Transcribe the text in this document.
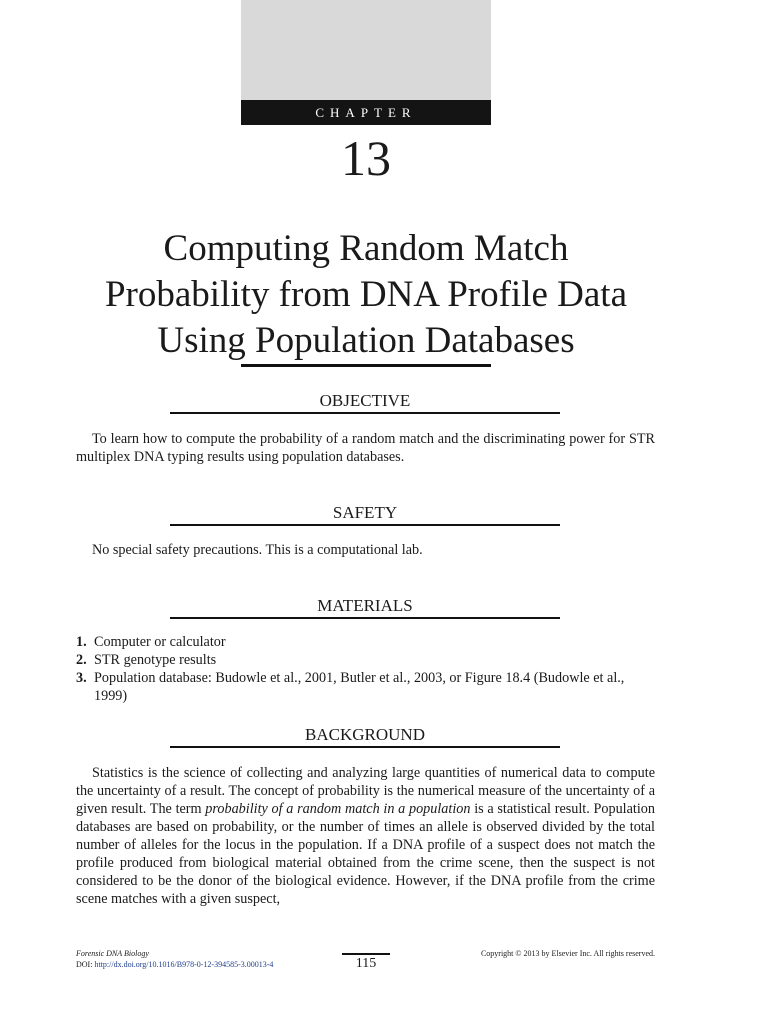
CHAPTER
13
Computing Random Match
Probability from DNA Profile Data
Using Population Databases
OBJECTIVE

To learn how to compute the probability of a random match and the discriminating power for STR multiplex DNA typing results using population databases.

SAFETY

No special safety precautions. This is a computational lab.

MATERIALS
1. Computer or calculator
2. STR genotype results
3. Population database: Budowle et al., 2001, Butler et al., 2003, or Figure 18.4 (Budowle et al., 1999)
BACKGROUND

Statistics is the science of collecting and analyzing large quantities of numerical data to compute the uncertainty of a result. The concept of probability is the numerical measure of the uncertainty of a given result. The term probability of a random match in a population is a statistical result. Population databases are based on probability, or the number of times an allele is observed divided by the total number of alleles for the locus in the population. If a DNA profile of a suspect does not match the profile produced from biological material obtained from the crime scene, then the suspect is not considered to be the donor of the biological evidence. However, if the DNA profile from the crime scene matches with a given suspect,

Forensic DNA Biology
DOI: http://dx.doi.org/10.1016/B978-0-12-394585-3.00013-4
Copyright © 2013 by Elsevier Inc. All rights reserved.
115
